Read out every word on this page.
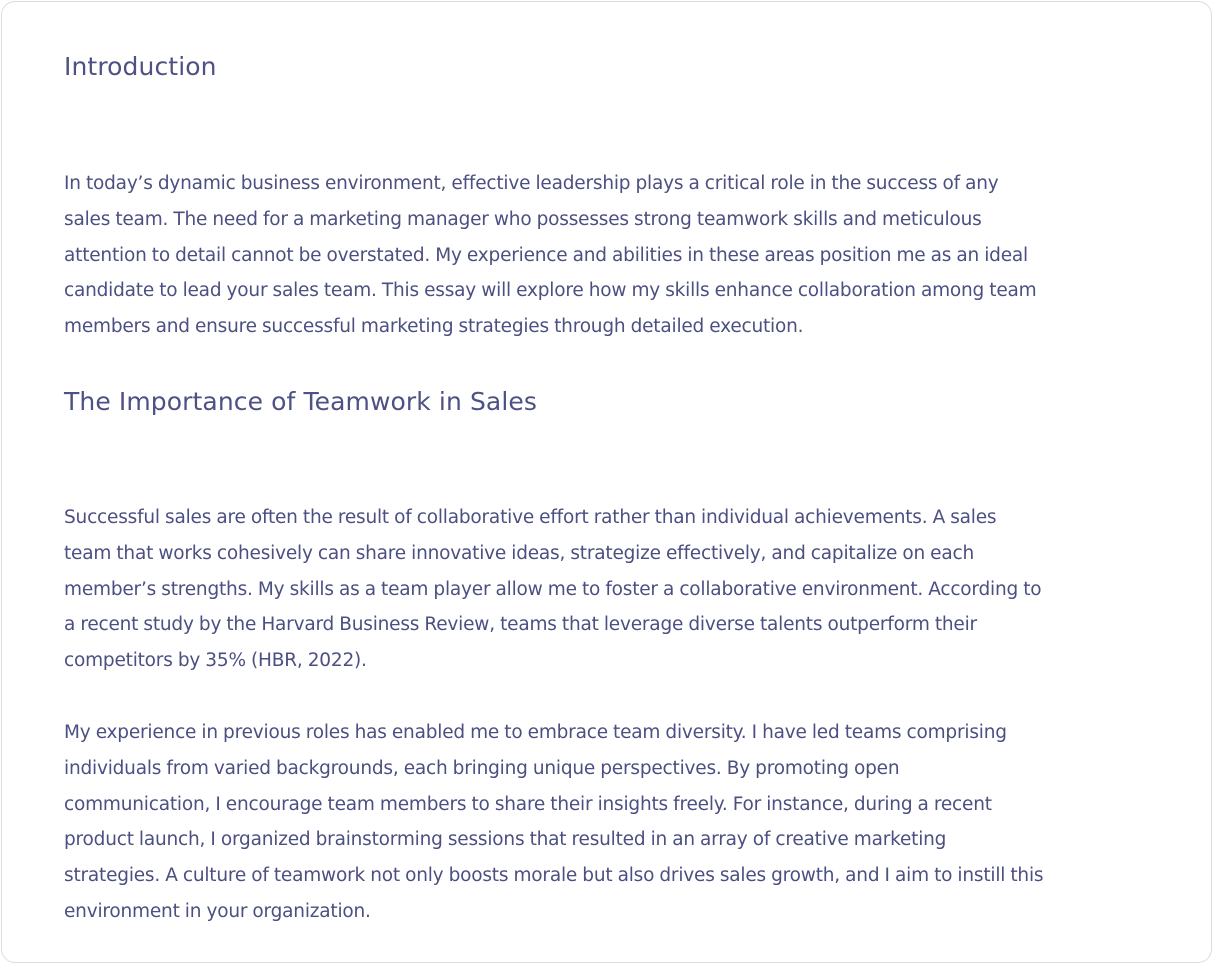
Introduction

In today’s dynamic business environment, effective leadership plays a critical role in the success of any
sales team. The need for a marketing manager who possesses strong teamwork skills and meticulous
attention to detail cannot be overstated. My experience and abilities in these areas position me as an ideal
candidate to lead your sales team. This essay will explore how my skills enhance collaboration among team
members and ensure successful marketing strategies through detailed execution.

The Importance of Teamwork in Sales

Successful sales are often the result of collaborative effort rather than individual achievements. A sales
team that works cohesively can share innovative ideas, strategize effectively, and capitalize on each
member’s strengths. My skills as a team player allow me to foster a collaborative environment. According to
a recent study by the Harvard Business Review, teams that leverage diverse talents outperform their
competitors by 35% (HBR, 2022).

My experience in previous roles has enabled me to embrace team diversity. I have led teams comprising
individuals from varied backgrounds, each bringing unique perspectives. By promoting open
communication, I encourage team members to share their insights freely. For instance, during a recent
product launch, I organized brainstorming sessions that resulted in an array of creative marketing
strategies. A culture of teamwork not only boosts morale but also drives sales growth, and I aim to instill this
environment in your organization.
